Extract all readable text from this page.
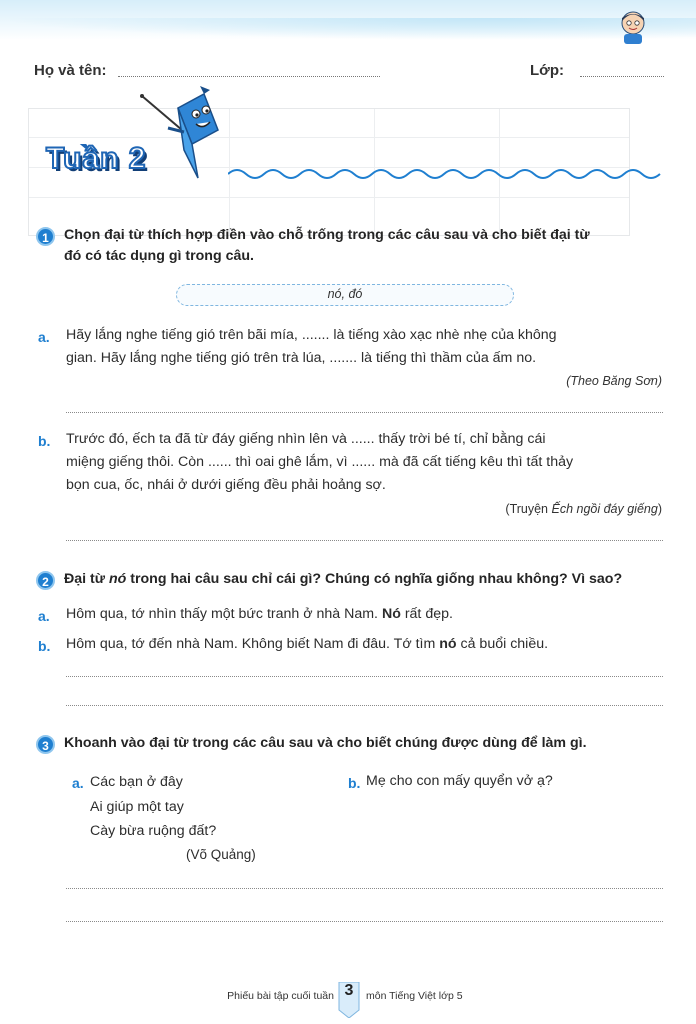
Họ và tên:	Lớp:
Tuần 2
1	Chọn đại từ thích hợp điền vào chỗ trống trong các câu sau và cho biết đại từ
đó có tác dụng gì trong câu.
nó, đó
a. Hãy lắng nghe tiếng gió trên bãi mía, ....... là tiếng xào xạc nhè nhẹ của không
gian. Hãy lắng nghe tiếng gió trên trà lúa, ....... là tiếng thì thầm của ấm no.
(Theo Băng Sơn)
b. Trước đó, ếch ta đã từ đáy giếng nhìn lên và ...... thấy trời bé tí, chỉ bằng cái
miệng giếng thôi. Còn ...... thì oai ghê lắm, vì ...... mà đã cất tiếng kêu thì tất thảy
bọn cua, ốc, nhái ở dưới giếng đều phải hoảng sợ.
(Truyện Ếch ngồi đáy giếng)
2	Đại từ nó trong hai câu sau chỉ cái gì? Chúng có nghĩa giống nhau không? Vì sao?
a. Hôm qua, tớ nhìn thấy một bức tranh ở nhà Nam. Nó rất đẹp.
b. Hôm qua, tớ đến nhà Nam. Không biết Nam đi đâu. Tớ tìm nó cả buổi chiều.
3	Khoanh vào đại từ trong các câu sau và cho biết chúng được dùng để làm gì.
a. Các bạn ở đây
Ai giúp một tay
Cày bừa ruộng đất?
(Võ Quảng)
b. Mẹ cho con mấy quyển vở ạ?
Phiếu bài tập cuối tuần 3	môn Tiếng Việt lớp 5
